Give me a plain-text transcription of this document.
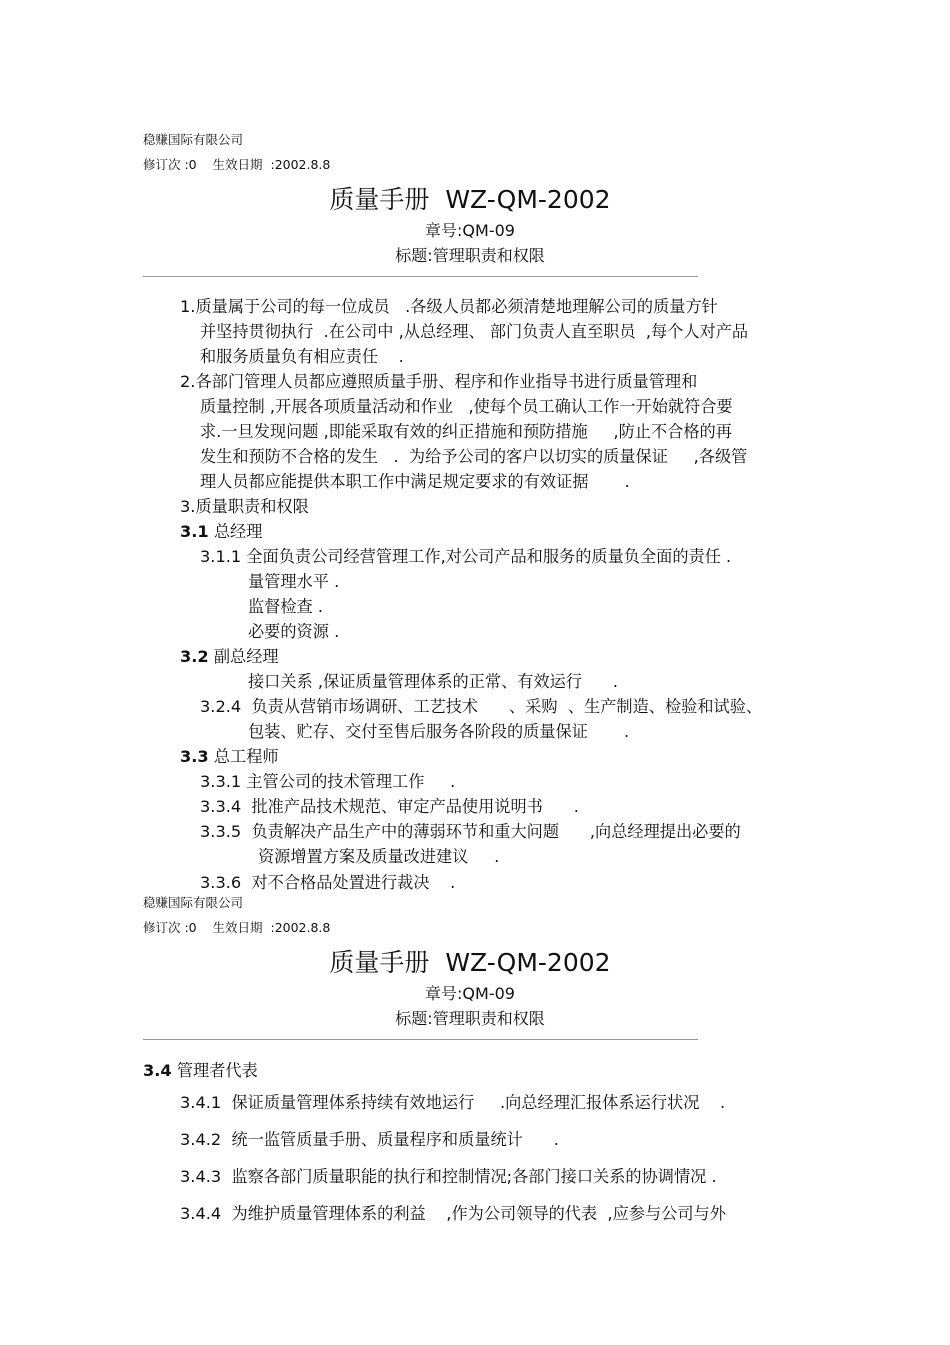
稳赚国际有限公司
修订次 :0    生效日期  :2002.8.8
质量手册  WZ-QM-2002
章号:QM-09
标题:管理职责和权限
1.质量属于公司的每一位成员   .各级人员都必须清楚地理解公司的质量方针
并坚持贯彻执行  .在公司中 ,从总经理、 部门负责人直至职员  ,每个人对产品
和服务质量负有相应责任    .
2.各部门管理人员都应遵照质量手册、程序和作业指导书进行质量管理和
质量控制 ,开展各项质量活动和作业   ,使每个员工确认工作一开始就符合要
求.一旦发现问题 ,即能采取有效的纠正措施和预防措施     ,防止不合格的再
发生和预防不合格的发生   .  为给予公司的客户以切实的质量保证     ,各级管
理人员都应能提供本职工作中满足规定要求的有效证据       .
3.质量职责和权限
3.1 总经理
3.1.1 全面负责公司经营管理工作,对公司产品和服务的质量负全面的责任 .
量管理水平 .
监督检查 .
必要的资源 .
3.2 副总经理
接口关系 ,保证质量管理体系的正常、有效运行      .
3.2.4  负责从营销市场调研、工艺技术      、采购  、生产制造、检验和试验、
包装、贮存、交付至售后服务各阶段的质量保证       .
3.3 总工程师
3.3.1 主管公司的技术管理工作     .
3.3.4  批准产品技术规范、审定产品使用说明书      .
3.3.5  负责解决产品生产中的薄弱环节和重大问题      ,向总经理提出必要的
资源增置方案及质量改进建议     .
3.3.6  对不合格品处置进行裁决    .
稳赚国际有限公司
修订次 :0    生效日期  :2002.8.8
质量手册  WZ-QM-2002
章号:QM-09
标题:管理职责和权限
3.4 管理者代表
3.4.1  保证质量管理体系持续有效地运行     .向总经理汇报体系运行状况    .
3.4.2  统一监管质量手册、质量程序和质量统计      .
3.4.3  监察各部门质量职能的执行和控制情况;各部门接口关系的协调情况 .
3.4.4  为维护质量管理体系的利益    ,作为公司领导的代表  ,应参与公司与外
